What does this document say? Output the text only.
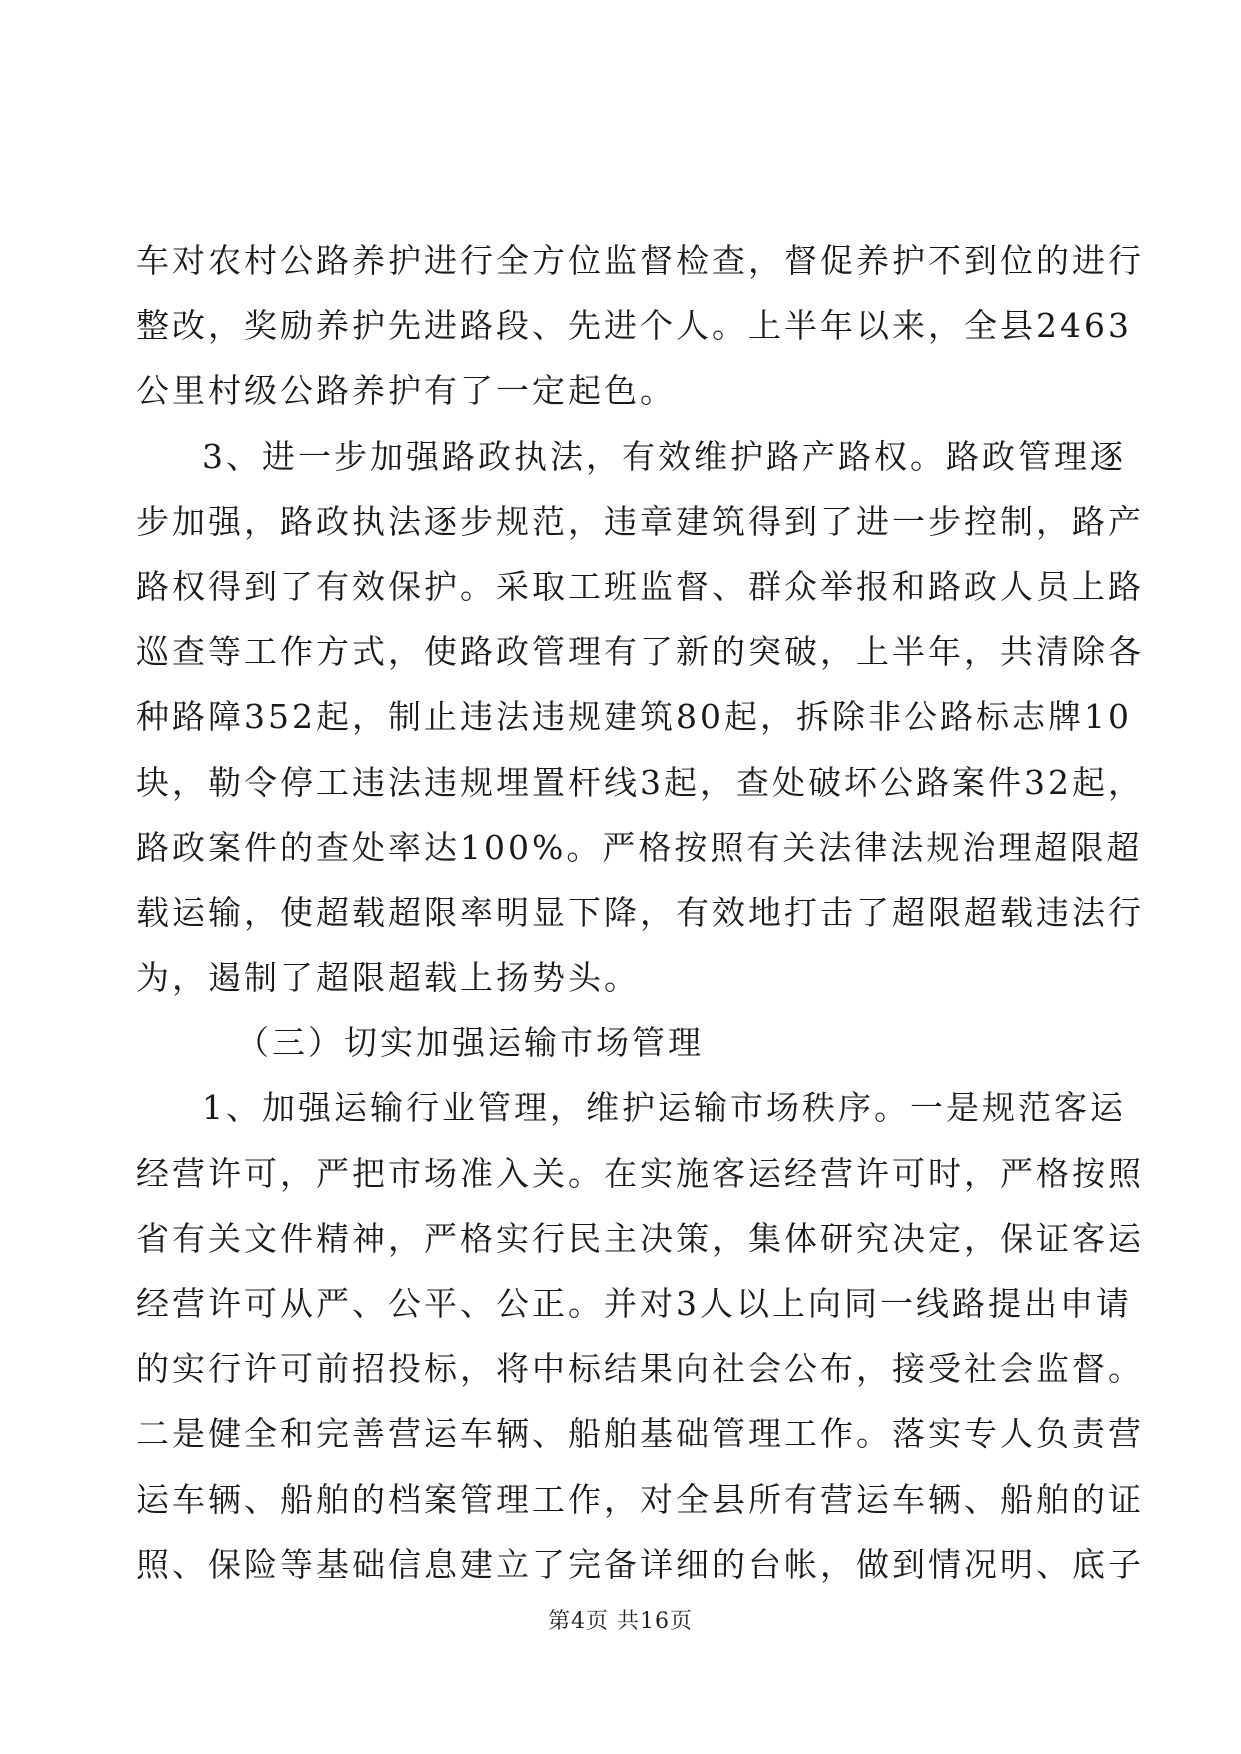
车对农村公路养护进行全方位监督检查，督促养护不到位的进行
整改，奖励养护先进路段、先进个人。上半年以来，全县2463
公里村级公路养护有了一定起色。
3、进一步加强路政执法，有效维护路产路权。路政管理逐
步加强，路政执法逐步规范，违章建筑得到了进一步控制，路产
路权得到了有效保护。采取工班监督、群众举报和路政人员上路
巡查等工作方式，使路政管理有了新的突破，上半年，共清除各
种路障352起，制止违法违规建筑80起，拆除非公路标志牌10
块，勒令停工违法违规埋置杆线3起，查处破坏公路案件32起，
路政案件的查处率达100%。严格按照有关法律法规治理超限超
载运输，使超载超限率明显下降，有效地打击了超限超载违法行
为，遏制了超限超载上扬势头。
（三）切实加强运输市场管理
1、加强运输行业管理，维护运输市场秩序。一是规范客运
经营许可，严把市场准入关。在实施客运经营许可时，严格按照
省有关文件精神，严格实行民主决策，集体研究决定，保证客运
经营许可从严、公平、公正。并对3人以上向同一线路提出申请
的实行许可前招投标，将中标结果向社会公布，接受社会监督。
二是健全和完善营运车辆、船舶基础管理工作。落实专人负责营
运车辆、船舶的档案管理工作，对全县所有营运车辆、船舶的证
照、保险等基础信息建立了完备详细的台帐，做到情况明、底子
第4页 共16页
